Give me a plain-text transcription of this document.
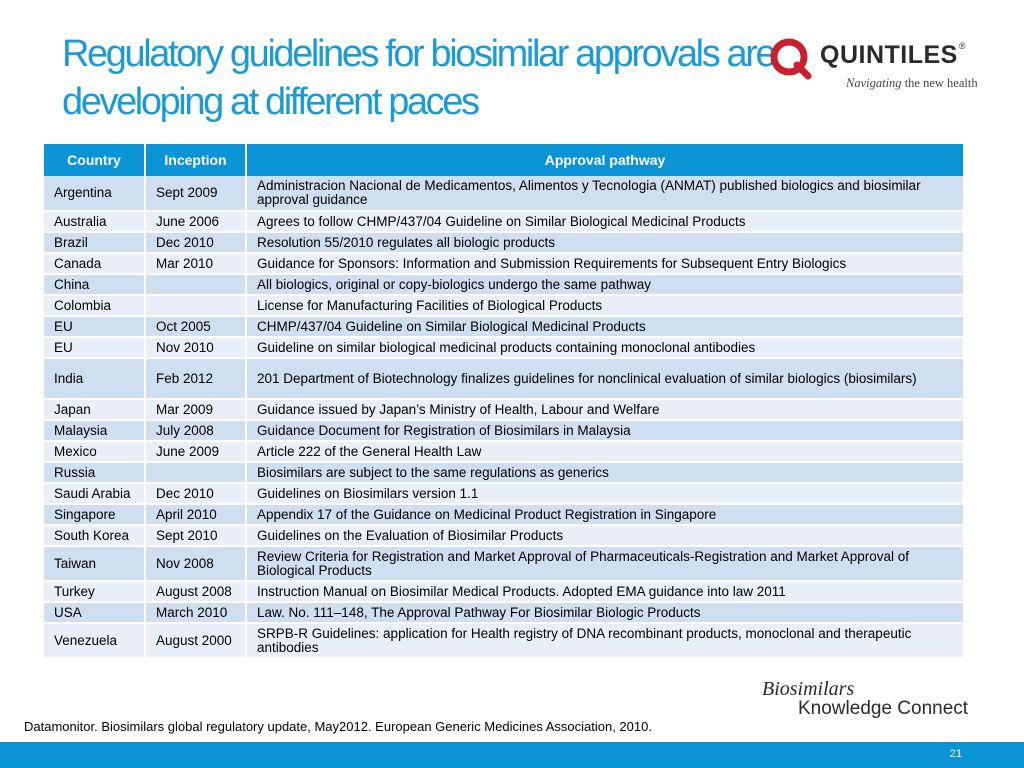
Regulatory guidelines for biosimilar approvals are developing at different paces
QUINTILES®
Navigating the new health
Country	Inception	Approval pathway
Argentina	Sept 2009	Administracion Nacional de Medicamentos, Alimentos y Tecnologia (ANMAT) published biologics and biosimilar approval guidance
Australia	June 2006	Agrees to follow CHMP/437/04 Guideline on Similar Biological Medicinal Products
Brazil	Dec 2010	Resolution 55/2010 regulates all biologic products
Canada	Mar 2010	Guidance for Sponsors: Information and Submission Requirements for Subsequent Entry Biologics
China		All biologics, original or copy-biologics undergo the same pathway
Colombia		License for Manufacturing Facilities of Biological Products
EU	Oct 2005	CHMP/437/04 Guideline on Similar Biological Medicinal Products
EU	Nov 2010	Guideline on similar biological medicinal products containing monoclonal antibodies
India	Feb 2012	201 Department of Biotechnology finalizes guidelines for nonclinical evaluation of similar biologics (biosimilars)
Japan	Mar 2009	Guidance issued by Japan’s Ministry of Health, Labour and Welfare
Malaysia	July 2008	Guidance Document for Registration of Biosimilars in Malaysia
Mexico	June 2009	Article 222 of the General Health Law
Russia		Biosimilars are subject to the same regulations as generics
Saudi Arabia	Dec 2010	Guidelines on Biosimilars version 1.1
Singapore	April 2010	Appendix 17 of the Guidance on Medicinal Product Registration in Singapore
South Korea	Sept 2010	Guidelines on the Evaluation of Biosimilar Products
Taiwan	Nov 2008	Review Criteria for Registration and Market Approval of Pharmaceuticals-Registration and Market Approval of Biological Products
Turkey	August 2008	Instruction Manual on Biosimilar Medical Products. Adopted EMA guidance into law 2011
USA	March 2010	Law. No. 111–148, The Approval Pathway For Biosimilar Biologic Products
Venezuela	August 2000	SRPB-R Guidelines: application for Health registry of DNA recombinant products, monoclonal and therapeutic antibodies
Datamonitor. Biosimilars global regulatory update, May2012. European Generic Medicines Association, 2010.
Biosimilars
Knowledge Connect
21
